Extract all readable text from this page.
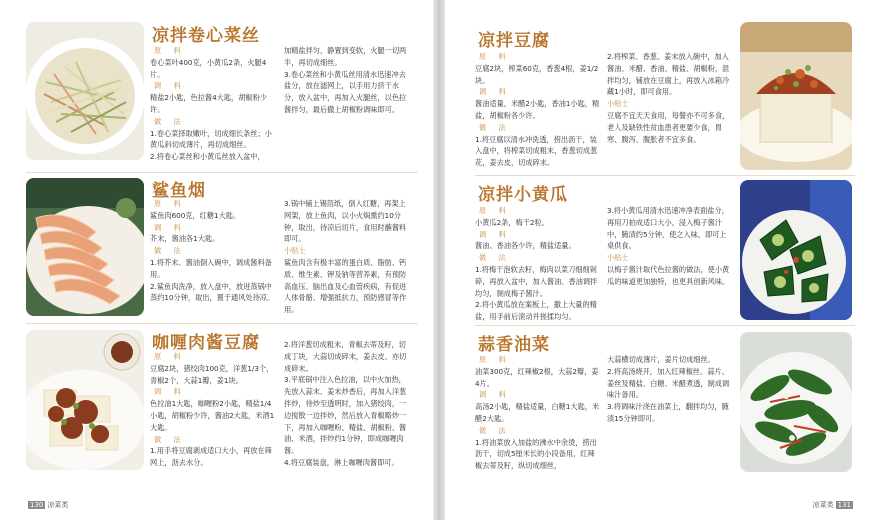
凉拌卷心菜丝

原 料

卷心菜叶400克，小黄瓜2条，火腿4片。

调 料

精盐2小匙，色拉酱4大匙，胡椒粉少许。

做 法

1.卷心菜择取嫩叶，切成细长条丝；小黄瓜斜切成薄片，再切成细丝。

2.将卷心菜丝和小黄瓜丝放入盆中，

加精盐拌匀，静置到变软，火腿一切两半，再切成细丝。

3.卷心菜丝和小黄瓜丝用清水迅速冲去盐分，放在滤网上，以手用力挤干水分，放入盆中，再加入火腿丝，以色拉酱拌匀，最后撒上胡椒粉调味即可。

鲨鱼烟

原 料

鲨鱼肉600克，红糖1大匙。

调 料

芥末，酱油各1大匙。

做 法

1.将芥末、酱油倒入碗中，调成酱料备用。

2.鲨鱼肉洗净，放入盘中，放进蒸锅中蒸约10分钟，取出，置于通风处待凉。

3.锅中铺上锡箔纸，倒入红糖，再架上网架，放上鱼肉，以小火焖熏约10分钟，取出，待凉后切片，食用时蘸酱料即可。

小贴士

鲨鱼肉含有极丰富的蛋白质、脂肪、钙质、维生素、钾及钠等营养素，有预防高血压、脑出血及心血管疾病，有促进人体骨骼、增强抵抗力，预防感冒等作用。

咖喱肉酱豆腐

原 料

豆腐2块，猪绞肉100克，洋葱1/3个，青椒2个，大蒜1瓣，姜1块。

调 料

色拉油1大匙，咖喱粉2小匙，精盐1/4小匙，胡椒粉少许，酱油2大匙，米酒1大匙。

做 法

1.用手将豆腐剥成适口大小，再放在筛网上，沥去水分。

2.将洋葱切成粗末，青椒去蒂及籽，切成丁块，大蒜切成碎末，姜去皮、亦切成碎末。

3.平底锅中注入色拉油，以中火加热，先放入蒜末、姜末炒香后，再加入洋葱拌炒，待炒至透明时，加入猪绞肉，一边搅散一边拌炒，然后放入青椒略炒一下，再加入咖喱粉、精盐、胡椒粉、酱油、米酒，拌炒约1分钟，即成咖喱肉酱。

4.将豆腐装盘，淋上咖喱肉酱即可。

130 凉菜类
凉拌豆腐

原 料

豆腐2块，榨菜60克，香葱4根，姜1/2块。

调 料

酱油适量，米醋2小匙，香油1小匙，精盐，胡椒粉各少许。

做 法

1.将豆腐以清水冲洗透，捞出沥干，装入盘中，将榨菜切成粗末，香葱切成葱花，姜去皮，切成碎末。

2.将榨菜、香葱、姜末放入碗中，加入酱油、米醋、香油、精盐、胡椒粉，混拌均匀，铺放在豆腐上，再放入冰箱冷藏1小时，即可食用。

小贴士

豆腐不宜天天食用，每餐亦不可多食，老人及缺铁性贫血患者更要少食，胃寒、腹泻、腹胀者不宜多食。

凉拌小黄瓜

原 料

小黄瓜2条，梅干2粒。

调 料

酱油、香油各少许，精盐适量。

做 法

1.将梅干泡软去籽，梅肉以菜刀细细剁碎，再放入盆中，加入酱油、香油调拌均匀，制成梅子酱汁。

2.将小黄瓜放在案板上，撒上大量的精盐，用手前后滚动并搓揉均匀。

3.将小黄瓜用清水迅速冲净表面盐分，再用刀拍成适口大小，浸入梅子酱汁中，腌渍约5分钟，使之入味，即可上桌供食。

小贴士

以梅子酱汁取代色拉酱的做法，使小黄瓜的味道更加独特，也更具创新风味。

蒜香油菜

原 料

油菜300克，红辣椒2根，大蒜2瓣，姜4片。

调 料

高汤2小匙，精盐适量，白糖1大匙，米醋2大匙。

做 法

1.将油菜放入加盐的沸水中余烫，捞出沥干，切成5厘米长的小段备用，红辣椒去蒂及籽，纵切成细丝，

大蒜横切成薄片，姜片切成细丝。

2.将高汤烧开，加入红辣椒丝、蒜片、姜丝及精盐、白糖、米醋煮透，制成调味汁备用。

3.将调味汁浇在油菜上，翻拌均匀，腌渍15分钟即可。

凉菜类 131
